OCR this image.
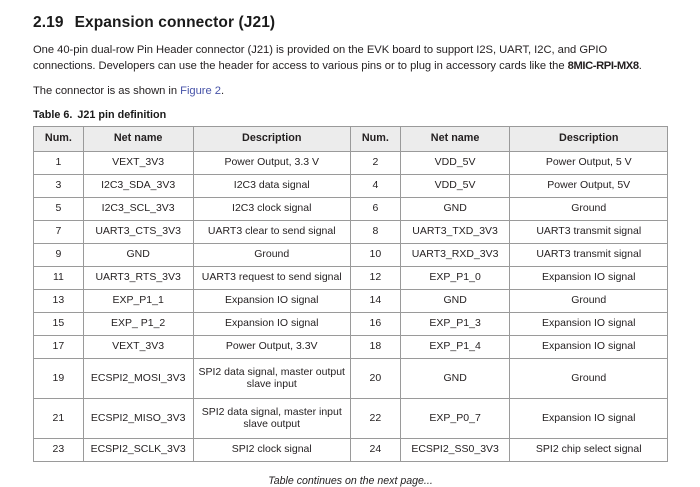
2.19 Expansion connector (J21)

One 40-pin dual-row Pin Header connector (J21) is provided on the EVK board to support I2S, UART, I2C, and GPIO connections. Developers can use the header for access to various pins or to plug in accessory cards like the 8MIC-RPI-MX8.

The connector is as shown in Figure 2.

Table 6. J21 pin definition
Num.	Net name	Description	Num.	Net name	Description
1	VEXT_3V3	Power Output, 3.3 V	2	VDD_5V	Power Output, 5 V
3	I2C3_SDA_3V3	I2C3 data signal	4	VDD_5V	Power Output, 5V
5	I2C3_SCL_3V3	I2C3 clock signal	6	GND	Ground
7	UART3_CTS_3V3	UART3 clear to send signal	8	UART3_TXD_3V3	UART3 transmit signal
9	GND	Ground	10	UART3_RXD_3V3	UART3 transmit signal
11	UART3_RTS_3V3	UART3 request to send signal	12	EXP_P1_0	Expansion IO signal
13	EXP_P1_1	Expansion IO signal	14	GND	Ground
15	EXP_ P1_2	Expansion IO signal	16	EXP_P1_3	Expansion IO signal
17	VEXT_3V3	Power Output, 3.3V	18	EXP_P1_4	Expansion IO signal
19	ECSPI2_MOSI_3V3	SPI2 data signal, master output slave input	20	GND	Ground
21	ECSPI2_MISO_3V3	SPI2 data signal, master input slave output	22	EXP_P0_7	Expansion IO signal
23	ECSPI2_SCLK_3V3	SPI2 clock signal	24	ECSPI2_SS0_3V3	SPI2 chip select signal
Table continues on the next page...
